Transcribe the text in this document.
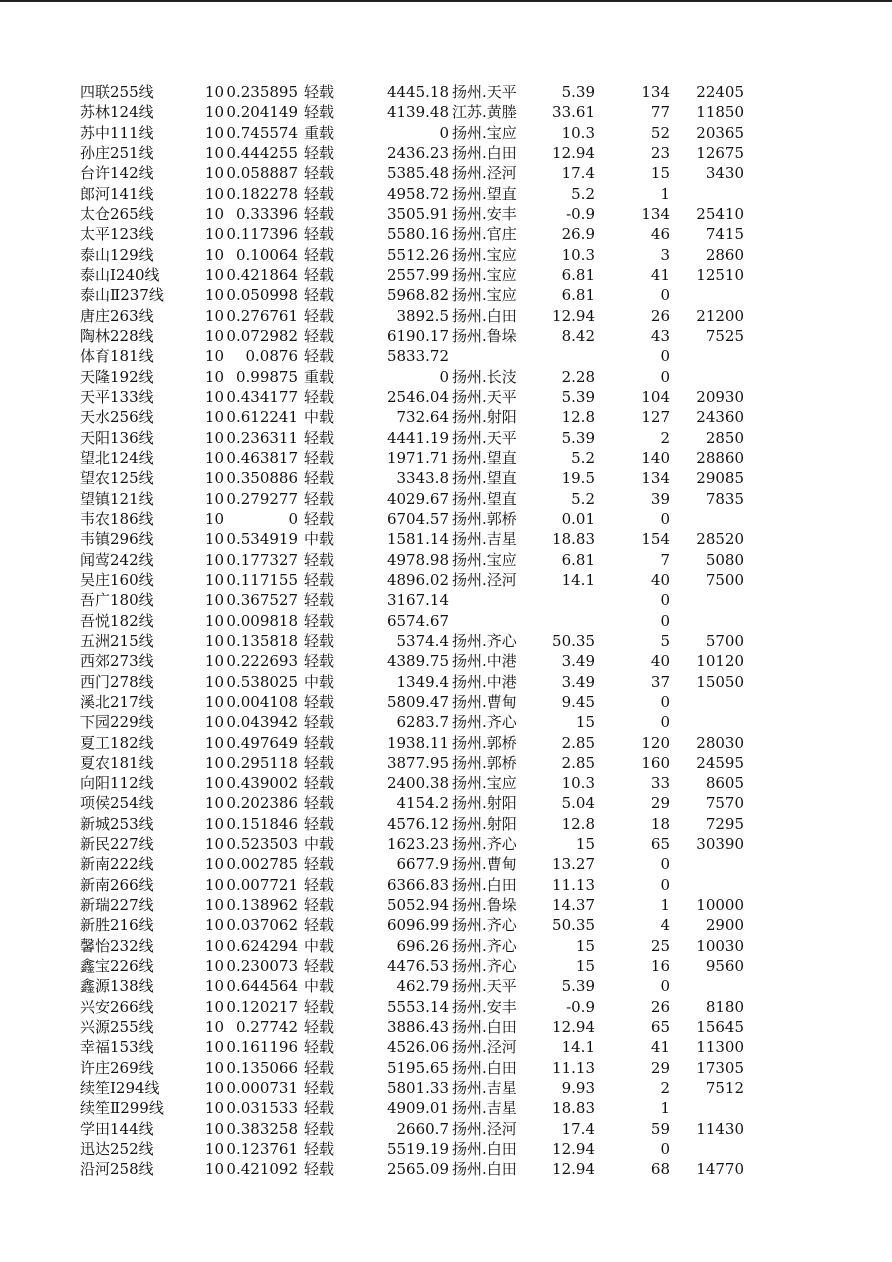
四联255线	10 0.235895 轻载	4445.18 扬州.天平	5.39	134	22405
苏林124线	10 0.204149 轻载	4139.48 江苏.黄塍	33.61	77	11850
苏中111线	10 0.745574 重载	0 扬州.宝应	10.3	52	20365
孙庄251线	10 0.444255 轻载	2436.23 扬州.白田	12.94	23	12675
台许142线	10 0.058887 轻载	5385.48 扬州.泾河	17.4	15	3430
郎河141线	10 0.182278 轻载	4958.72 扬州.望直	5.2	1
太仓265线	10 0.33396 轻载	3505.91 扬州.安丰	-0.9	134	25410
太平123线	10 0.117396 轻载	5580.16 扬州.官庄	26.9	46	7415
泰山129线	10 0.10064 轻载	5512.26 扬州.宝应	10.3	3	2860
泰山Ⅰ240线	10 0.421864 轻载	2557.99 扬州.宝应	6.81	41	12510
泰山Ⅱ237线	10 0.050998 轻载	5968.82 扬州.宝应	6.81	0
唐庄263线	10 0.276761 轻载	3892.5 扬州.白田	12.94	26	21200
陶林228线	10 0.072982 轻载	6190.17 扬州.鲁垛	8.42	43	7525
体育181线	10	0.0876 轻载	5833.72	0
天隆192线	10 0.99875 重载	0 扬州.长汥	2.28	0
天平133线	10 0.434177 轻载	2546.04 扬州.天平	5.39	104	20930
天水256线	10 0.612241 中载	732.64 扬州.射阳	12.8	127	24360
天阳136线	10 0.236311 轻载	4441.19 扬州.天平	5.39	2	2850
望北124线	10 0.463817 轻载	1971.71 扬州.望直	5.2	140	28860
望农125线	10 0.350886 轻载	3343.8 扬州.望直	19.5	134	29085
望镇121线	10 0.279277 轻载	4029.67 扬州.望直	5.2	39	7835
韦农186线	10	0 轻载	6704.57 扬州.郭桥	0.01	0
韦镇296线	10 0.534919 中载	1581.14 扬州.吉星	18.83	154	28520
闻莺242线	10 0.177327 轻载	4978.98 扬州.宝应	6.81	7	5080
吴庄160线	10 0.117155 轻载	4896.02 扬州.泾河	14.1	40	7500
吾广180线	10 0.367527 轻载	3167.14	0
吾悦182线	10 0.009818 轻载	6574.67	0
五洲215线	10 0.135818 轻载	5374.4 扬州.齐心	50.35	5	5700
西郊273线	10 0.222693 轻载	4389.75 扬州.中港	3.49	40	10120
西门278线	10 0.538025 中载	1349.4 扬州.中港	3.49	37	15050
溪北217线	10 0.004108 轻载	5809.47 扬州.曹甸	9.45	0
下园229线	10 0.043942 轻载	6283.7 扬州.齐心	15	0
夏工182线	10 0.497649 轻载	1938.11 扬州.郭桥	2.85	120	28030
夏农181线	10 0.295118 轻载	3877.95 扬州.郭桥	2.85	160	24595
向阳112线	10 0.439002 轻载	2400.38 扬州.宝应	10.3	33	8605
项侯254线	10 0.202386 轻载	4154.2 扬州.射阳	5.04	29	7570
新城253线	10 0.151846 轻载	4576.12 扬州.射阳	12.8	18	7295
新民227线	10 0.523503 中载	1623.23 扬州.齐心	15	65	30390
新南222线	10 0.002785 轻载	6677.9 扬州.曹甸	13.27	0
新南266线	10 0.007721 轻载	6366.83 扬州.白田	11.13	0
新瑞227线	10 0.138962 轻载	5052.94 扬州.鲁垛	14.37	1	10000
新胜216线	10 0.037062 轻载	6096.99 扬州.齐心	50.35	4	2900
馨怡232线	10 0.624294 中载	696.26 扬州.齐心	15	25	10030
鑫宝226线	10 0.230073 轻载	4476.53 扬州.齐心	15	16	9560
鑫源138线	10 0.644564 中载	462.79 扬州.天平	5.39	0
兴安266线	10 0.120217 轻载	5553.14 扬州.安丰	-0.9	26	8180
兴源255线	10 0.27742 轻载	3886.43 扬州.白田	12.94	65	15645
幸福153线	10 0.161196 轻载	4526.06 扬州.泾河	14.1	41	11300
许庄269线	10 0.135066 轻载	5195.65 扬州.白田	11.13	29	17305
续笙Ⅰ294线	10 0.000731 轻载	5801.33 扬州.吉星	9.93	2	7512
续笙Ⅱ299线	10 0.031533 轻载	4909.01 扬州.吉星	18.83	1
学田144线	10 0.383258 轻载	2660.7 扬州.泾河	17.4	59	11430
迅达252线	10 0.123761 轻载	5519.19 扬州.白田	12.94	0
沿河258线	10 0.421092 轻载	2565.09 扬州.白田	12.94	68	14770
